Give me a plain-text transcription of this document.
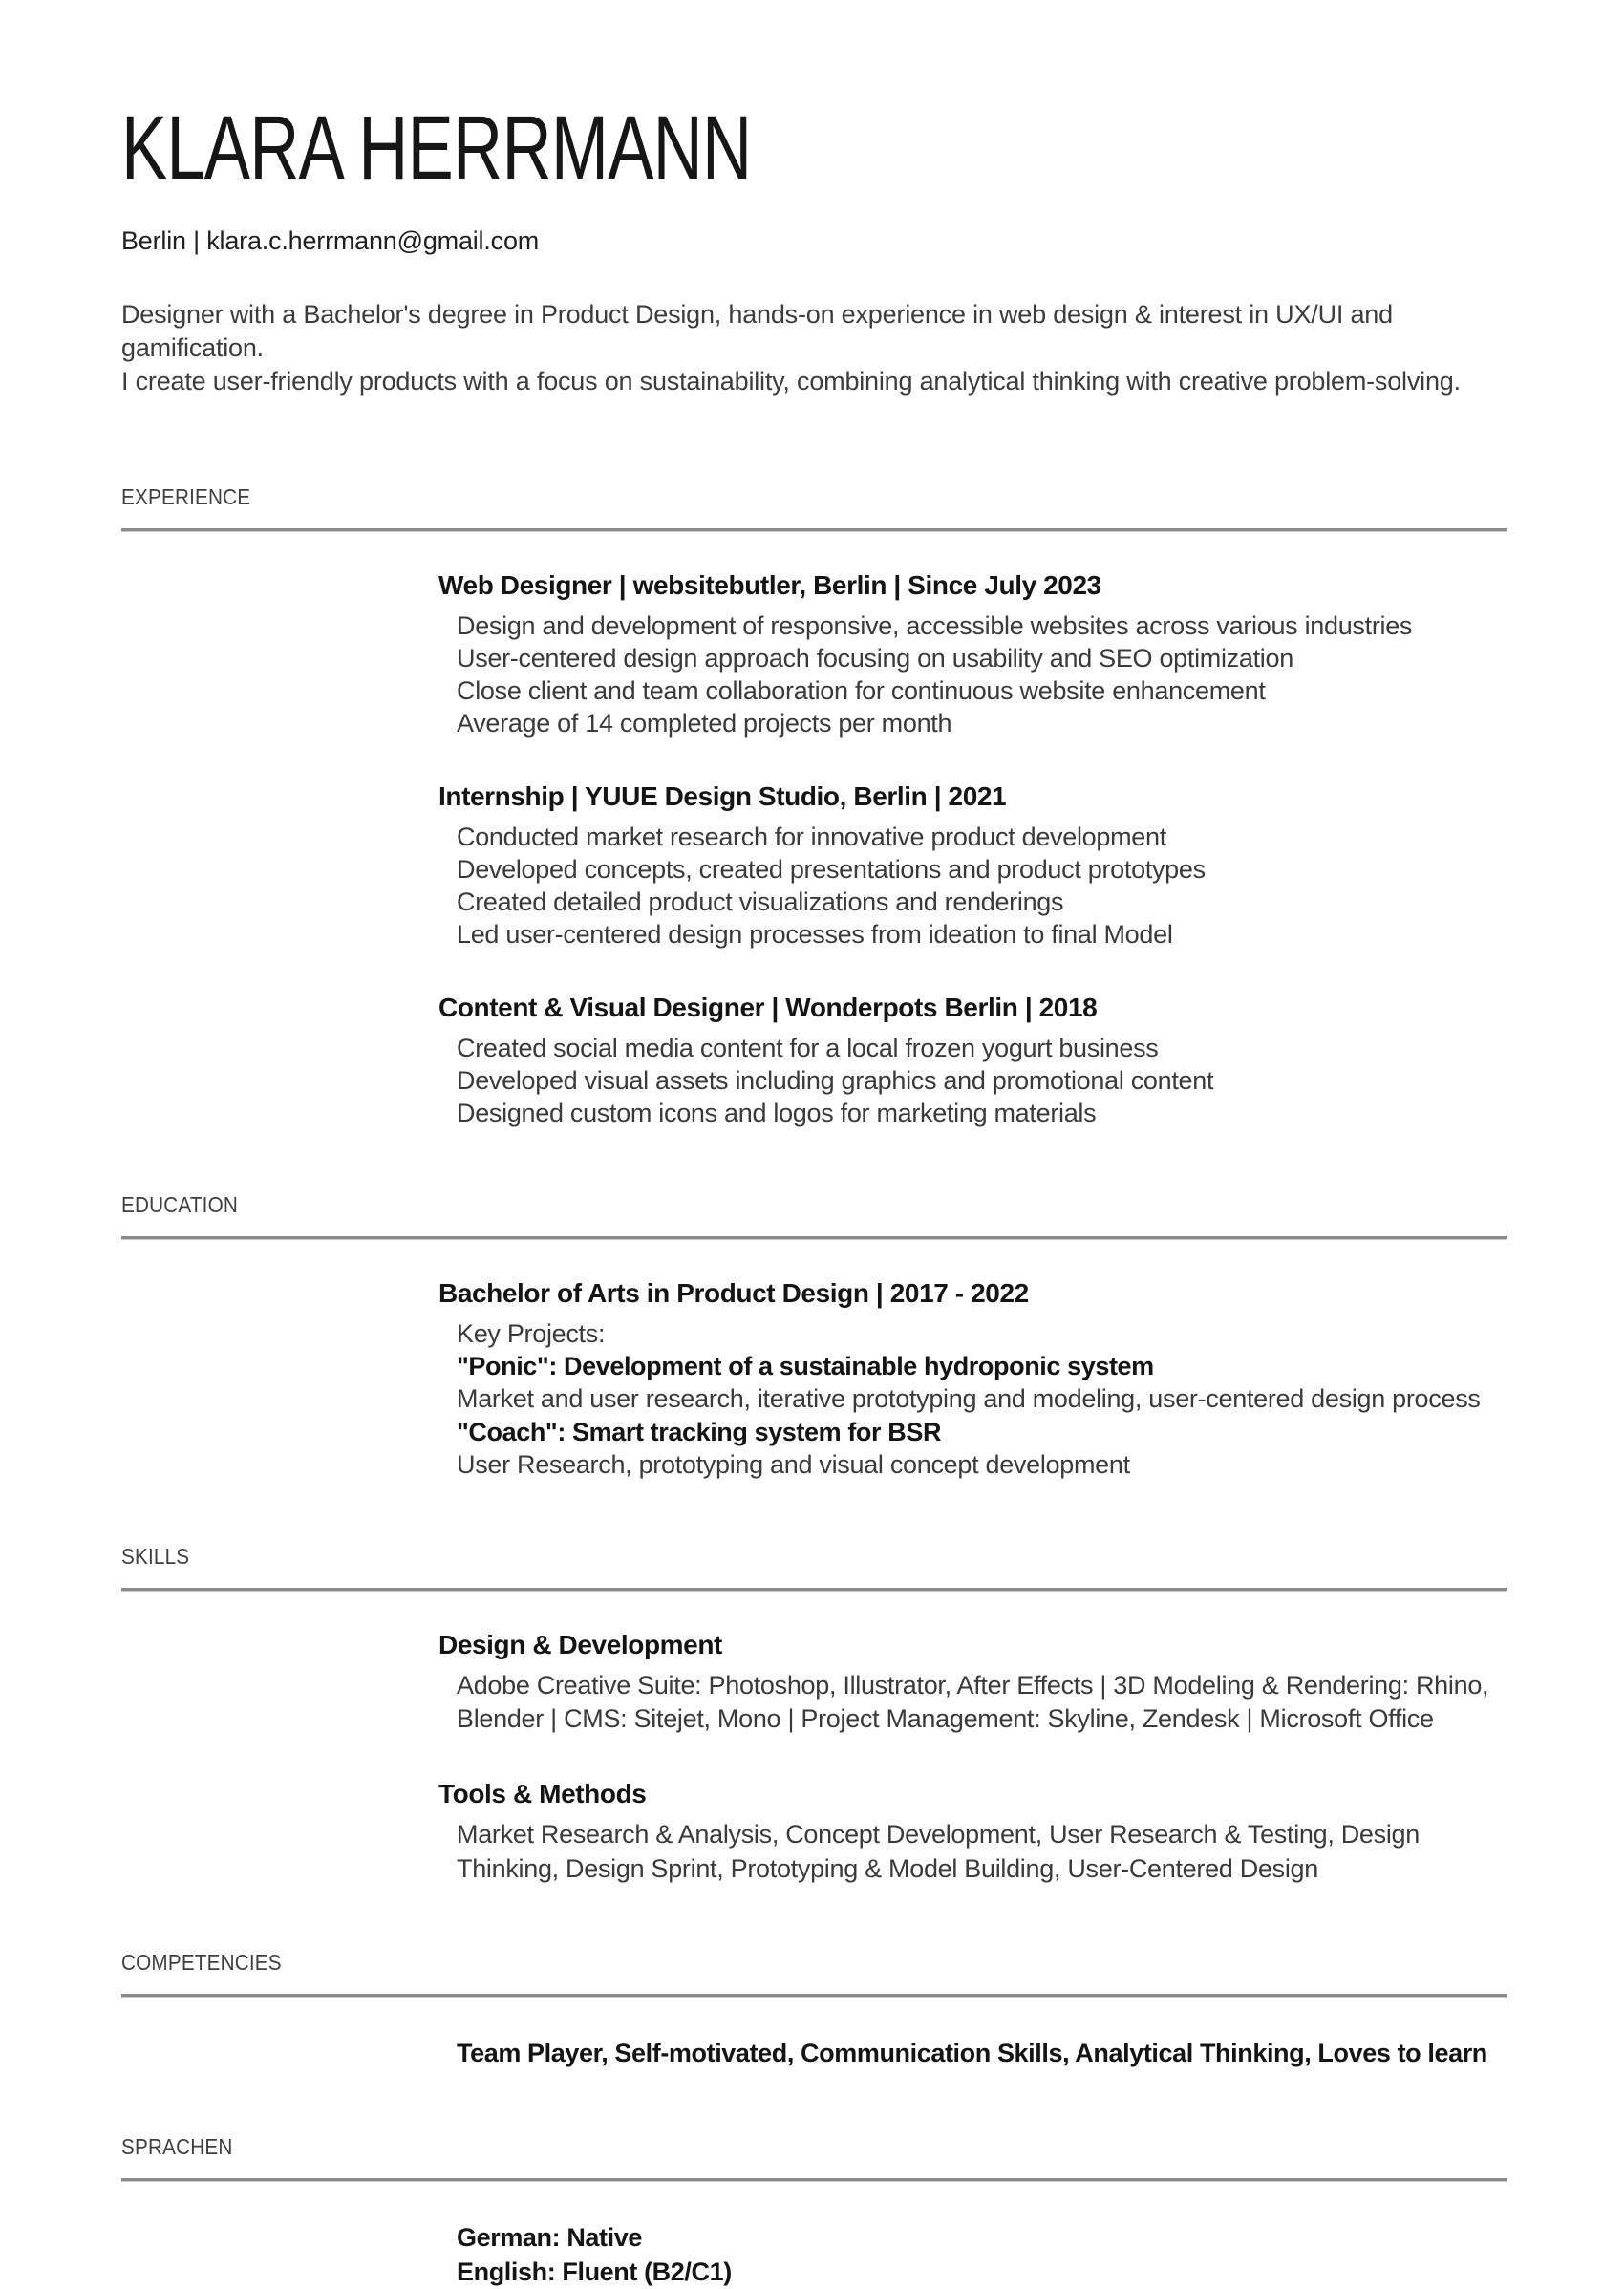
KLARA HERRMANN
Berlin | klara.c.herrmann@gmail.com
Designer with a Bachelor's degree in Product Design, hands-on experience in web design & interest in UX/UI and gamification.
I create user-friendly products with a focus on sustainability, combining analytical thinking with creative problem-solving.
EXPERIENCE
Web Designer | websitebutler, Berlin | Since July 2023
Design and development of responsive, accessible websites across various industries
User-centered design approach focusing on usability and SEO optimization
Close client and team collaboration for continuous website enhancement
Average of 14 completed projects per month
Internship | YUUE Design Studio, Berlin | 2021
Conducted market research for innovative product development
Developed concepts, created presentations and product prototypes
Created detailed product visualizations and renderings
Led user-centered design processes from ideation to final Model
Content & Visual Designer | Wonderpots Berlin | 2018
Created social media content for a local frozen yogurt business
Developed visual assets including graphics and promotional content
Designed custom icons and logos for marketing materials
EDUCATION
Bachelor of Arts in Product Design | 2017 - 2022
Key Projects:
"Ponic": Development of a sustainable hydroponic system
Market and user research, iterative prototyping and modeling, user-centered design process
"Coach": Smart tracking system for BSR
User Research, prototyping and visual concept development
SKILLS
Design & Development
Adobe Creative Suite: Photoshop, Illustrator, After Effects | 3D Modeling & Rendering: Rhino, Blender | CMS: Sitejet, Mono | Project Management: Skyline, Zendesk | Microsoft Office
Tools & Methods
Market Research & Analysis, Concept Development, User Research & Testing, Design Thinking, Design Sprint, Prototyping & Model Building, User-Centered Design
COMPETENCIES
Team Player, Self-motivated, Communication Skills, Analytical Thinking, Loves to learn
SPRACHEN
German: Native
English: Fluent (B2/C1)
